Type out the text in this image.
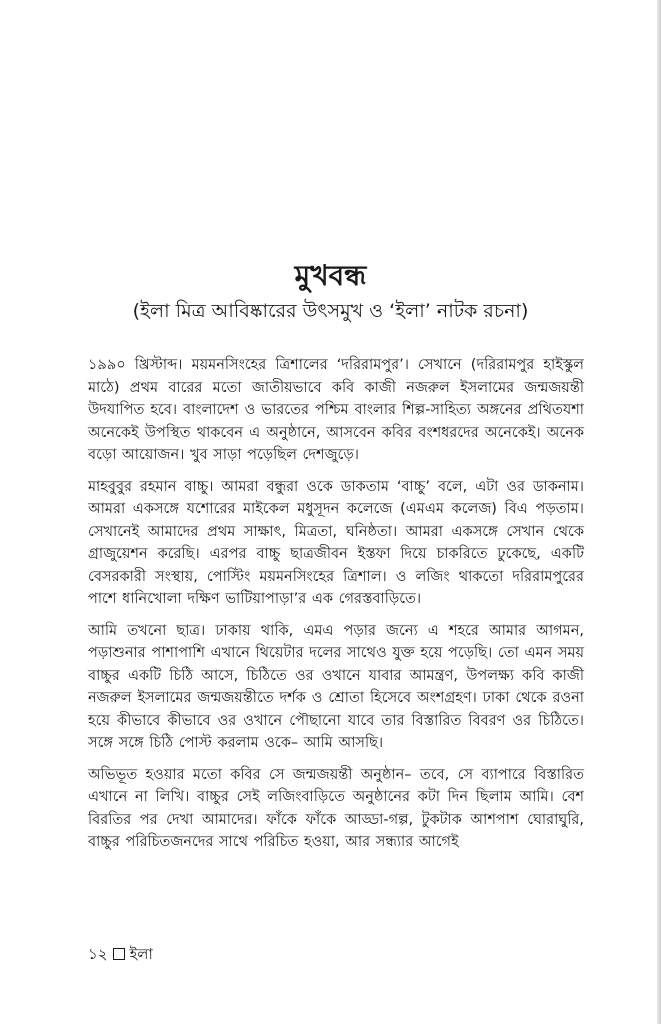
মুখবন্ধ
(ইলা মিত্র আবিষ্কারের উৎসমুখ ও ‘ইলা’ নাটক রচনা)

১৯৯০ খ্রিস্টাব্দ। ময়মনসিংহের ত্রিশালের ‘দরিরামপুর’। সেখানে (দরিরামপুর হাইস্কুল মাঠে) প্রথম বারের মতো জাতীয়ভাবে কবি কাজী নজরুল ইসলামের জন্মজয়ন্তী উদযাপিত হবে। বাংলাদেশ ও ভারতের পশ্চিম বাংলার শিল্প-সাহিত্য অঙ্গনের প্রথিতযশা অনেকেই উপস্থিত থাকবেন এ অনুষ্ঠানে, আসবেন কবির বংশধরদের অনেকেই। অনেক বড়ো আয়োজন। খুব সাড়া পড়েছিল দেশজুড়ে।

মাহবুবুর রহমান বাচ্চু। আমরা বন্ধুরা ওকে ডাকতাম ‘বাচ্চু’ বলে, এটা ওর ডাকনাম। আমরা একসঙ্গে যশোরের মাইকেল মধুসূদন কলেজে (এমএম কলেজ) বিএ পড়তাম। সেখানেই আমাদের প্রথম সাক্ষাৎ, মিত্রতা, ঘনিষ্ঠতা। আমরা একসঙ্গে সেখান থেকে গ্রাজুয়েশন করেছি। এরপর বাচ্চু ছাত্রজীবন ইস্তফা দিয়ে চাকরিতে ঢুকেছে, একটি বেসরকারী সংস্থায়, পোস্টিং ময়মনসিংহের ত্রিশাল। ও লজিং থাকতো দরিরামপুরের পাশে ধানিখোলা দক্ষিণ ভাটিয়াপাড়া’র এক গেরস্তবাড়িতে।

আমি তখনো ছাত্র। ঢাকায় থাকি, এমএ পড়ার জন্যে এ শহরে আমার আগমন, পড়াশুনার পাশাপাশি এখানে থিয়েটার দলের সাথেও যুক্ত হয়ে পড়েছি। তো এমন সময় বাচ্চুর একটি চিঠি আসে, চিঠিতে ওর ওখানে যাবার আমন্ত্রণ, উপলক্ষ্য কবি কাজী নজরুল ইসলামের জন্মজয়ন্তীতে দর্শক ও শ্রোতা হিসেবে অংশগ্রহণ। ঢাকা থেকে রওনা হয়ে কীভাবে কীভাবে ওর ওখানে পৌছানো যাবে তার বিস্তারিত বিবরণ ওর চিঠিতে। সঙ্গে সঙ্গে চিঠি পোস্ট করলাম ওকে– আমি আসছি।

অভিভূত হওয়ার মতো কবির সে জন্মজয়ন্তী অনুষ্ঠান– তবে, সে ব্যাপারে বিস্তারিত এখানে না লিখি। বাচ্চুর সেই লজিংবাড়িতে অনুষ্ঠানের কটা দিন ছিলাম আমি। বেশ বিরতির পর দেখা আমাদের। ফাঁকে ফাঁকে আড্ডা-গল্প, টুকটাক আশপাশ ঘোরাঘুরি, বাচ্চুর পরিচিতজনদের সাথে পরিচিত হওয়া, আর সন্ধ্যার আগেই

১২ ইলা
